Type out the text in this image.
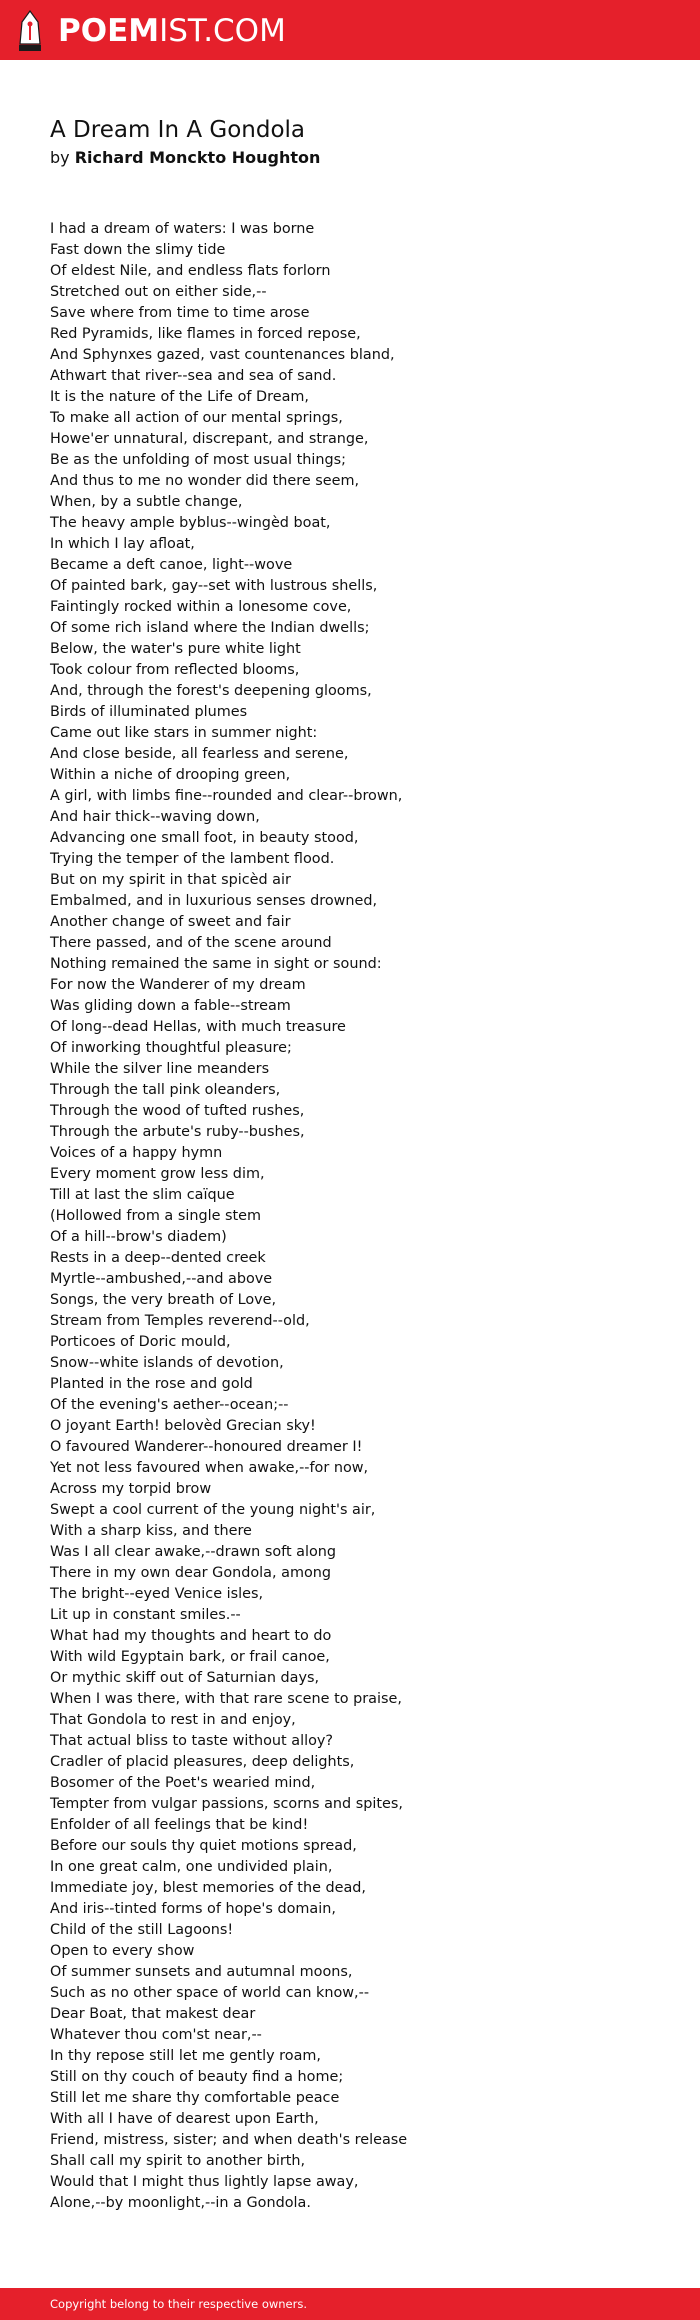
POEMIST.COM
A Dream In A Gondola
by Richard Monckto Houghton
I had a dream of waters: I was borne
Fast down the slimy tide
Of eldest Nile, and endless flats forlorn
Stretched out on either side,--
Save where from time to time arose
Red Pyramids, like flames in forced repose,
And Sphynxes gazed, vast countenances bland,
Athwart that river--sea and sea of sand.
It is the nature of the Life of Dream,
To make all action of our mental springs,
Howe'er unnatural, discrepant, and strange,
Be as the unfolding of most usual things;
And thus to me no wonder did there seem,
When, by a subtle change,
The heavy ample byblus--wingèd boat,
In which I lay afloat,
Became a deft canoe, light--wove
Of painted bark, gay--set with lustrous shells,
Faintingly rocked within a lonesome cove,
Of some rich island where the Indian dwells;
Below, the water's pure white light
Took colour from reflected blooms,
And, through the forest's deepening glooms,
Birds of illuminated plumes
Came out like stars in summer night:
And close beside, all fearless and serene,
Within a niche of drooping green,
A girl, with limbs fine--rounded and clear--brown,
And hair thick--waving down,
Advancing one small foot, in beauty stood,
Trying the temper of the lambent flood.
But on my spirit in that spicèd air
Embalmed, and in luxurious senses drowned,
Another change of sweet and fair
There passed, and of the scene around
Nothing remained the same in sight or sound:
For now the Wanderer of my dream
Was gliding down a fable--stream
Of long--dead Hellas, with much treasure
Of inworking thoughtful pleasure;
While the silver line meanders
Through the tall pink oleanders,
Through the wood of tufted rushes,
Through the arbute's ruby--bushes,
Voices of a happy hymn
Every moment grow less dim,
Till at last the slim caïque
(Hollowed from a single stem
Of a hill--brow's diadem)
Rests in a deep--dented creek
Myrtle--ambushed,--and above
Songs, the very breath of Love,
Stream from Temples reverend--old,
Porticoes of Doric mould,
Snow--white islands of devotion,
Planted in the rose and gold
Of the evening's aether--ocean;--
O joyant Earth! belovèd Grecian sky!
O favoured Wanderer--honoured dreamer I!
Yet not less favoured when awake,--for now,
Across my torpid brow
Swept a cool current of the young night's air,
With a sharp kiss, and there
Was I all clear awake,--drawn soft along
There in my own dear Gondola, among
The bright--eyed Venice isles,
Lit up in constant smiles.--
What had my thoughts and heart to do
With wild Egyptain bark, or frail canoe,
Or mythic skiff out of Saturnian days,
When I was there, with that rare scene to praise,
That Gondola to rest in and enjoy,
That actual bliss to taste without alloy?
Cradler of placid pleasures, deep delights,
Bosomer of the Poet's wearied mind,
Tempter from vulgar passions, scorns and spites,
Enfolder of all feelings that be kind!
Before our souls thy quiet motions spread,
In one great calm, one undivided plain,
Immediate joy, blest memories of the dead,
And iris--tinted forms of hope's domain,
Child of the still Lagoons!
Open to every show
Of summer sunsets and autumnal moons,
Such as no other space of world can know,--
Dear Boat, that makest dear
Whatever thou com'st near,--
In thy repose still let me gently roam,
Still on thy couch of beauty find a home;
Still let me share thy comfortable peace
With all I have of dearest upon Earth,
Friend, mistress, sister; and when death's release
Shall call my spirit to another birth,
Would that I might thus lightly lapse away,
Alone,--by moonlight,--in a Gondola.
Copyright belong to their respective owners.
